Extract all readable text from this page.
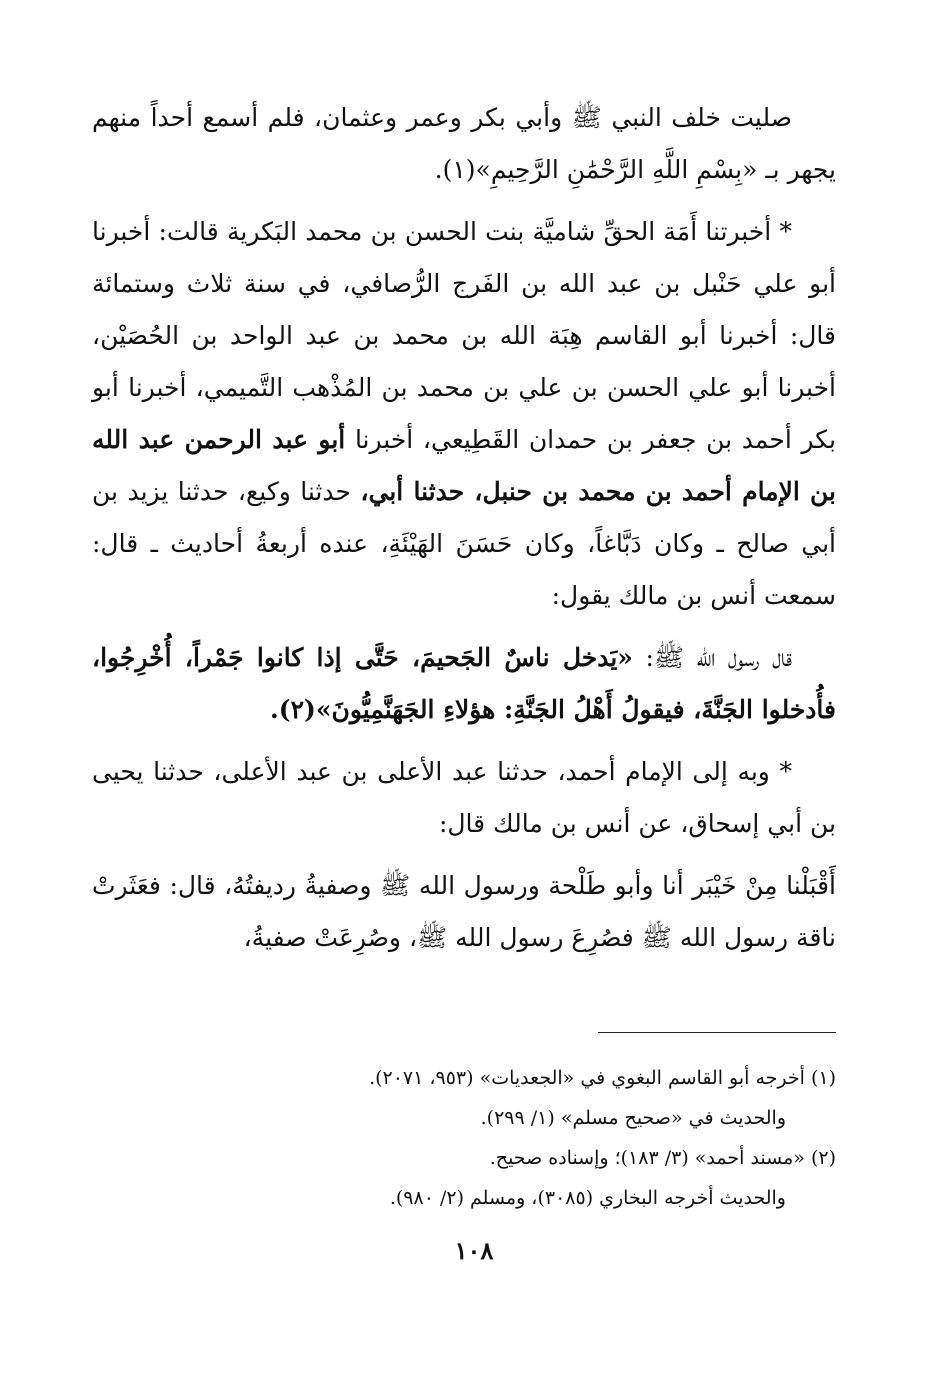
صليت خلف النبي ﷺ وأبي بكر وعمر وعثمان، فلم أسمع أحداً منهم يجهر بـ «بِسْمِ اللَّهِ الرَّحْمَٰنِ الرَّحِيمِ»(١).

* أخبرتنا أَمَة الحقِّ شاميَّة بنت الحسن بن محمد البَكرية قالت: أخبرنا أبو علي حَنْبل بن عبد الله بن الفَرج الرُّصافي، في سنة ثلاث وستمائة قال: أخبرنا أبو القاسم هِبَة الله بن محمد بن عبد الواحد بن الحُصَيْن، أخبرنا أبو علي الحسن بن علي بن محمد بن المُذْهب التَّميمي، أخبرنا أبو بكر أحمد بن جعفر بن حمدان القَطِيعي، أخبرنا أبو عبد الرحمن عبد الله بن الإمام أحمد بن محمد بن حنبل، حدثنا أبي، حدثنا وكيع، حدثنا يزيد بن أبي صالح ـ وكان دَبَّاغاً، وكان حَسَنَ الهَيْئَةِ، عنده أربعةُ أحاديث ـ قال: سمعت أنس بن مالك يقول:

قال رسول الله ﷺ: «يَدخل ناسٌ الجَحيمَ، حَتَّى إذا كانوا جَمْراً، أُخْرِجُوا، فأُدخلوا الجَنَّةَ، فيقولُ أَهْلُ الجَنَّةِ: هؤلاءِ الجَهَنَّمِيُّونَ»(٢).

* وبه إلى الإمام أحمد، حدثنا عبد الأعلى بن عبد الأعلى، حدثنا يحيى بن أبي إسحاق، عن أنس بن مالك قال:

أَقْبَلْنا مِنْ خَيْبَر أنا وأبو طَلْحة ورسول الله ﷺ وصفيةُ رديفتُهُ، قال: فعَثَرتْ ناقة رسول الله ﷺ فصُرِعَ رسول الله ﷺ، وصُرِعَتْ صفيةُ،

(١) أخرجه أبو القاسم البغوي في «الجعديات» (٩٥٣، ٢٠٧١).

والحديث في «صحيح مسلم» (١/ ٢٩٩).

(٢) «مسند أحمد» (٣/ ١٨٣)؛ وإسناده صحيح.

والحديث أخرجه البخاري (٣٠٨٥)، ومسلم (٢/ ٩٨٠).

١٠٨
